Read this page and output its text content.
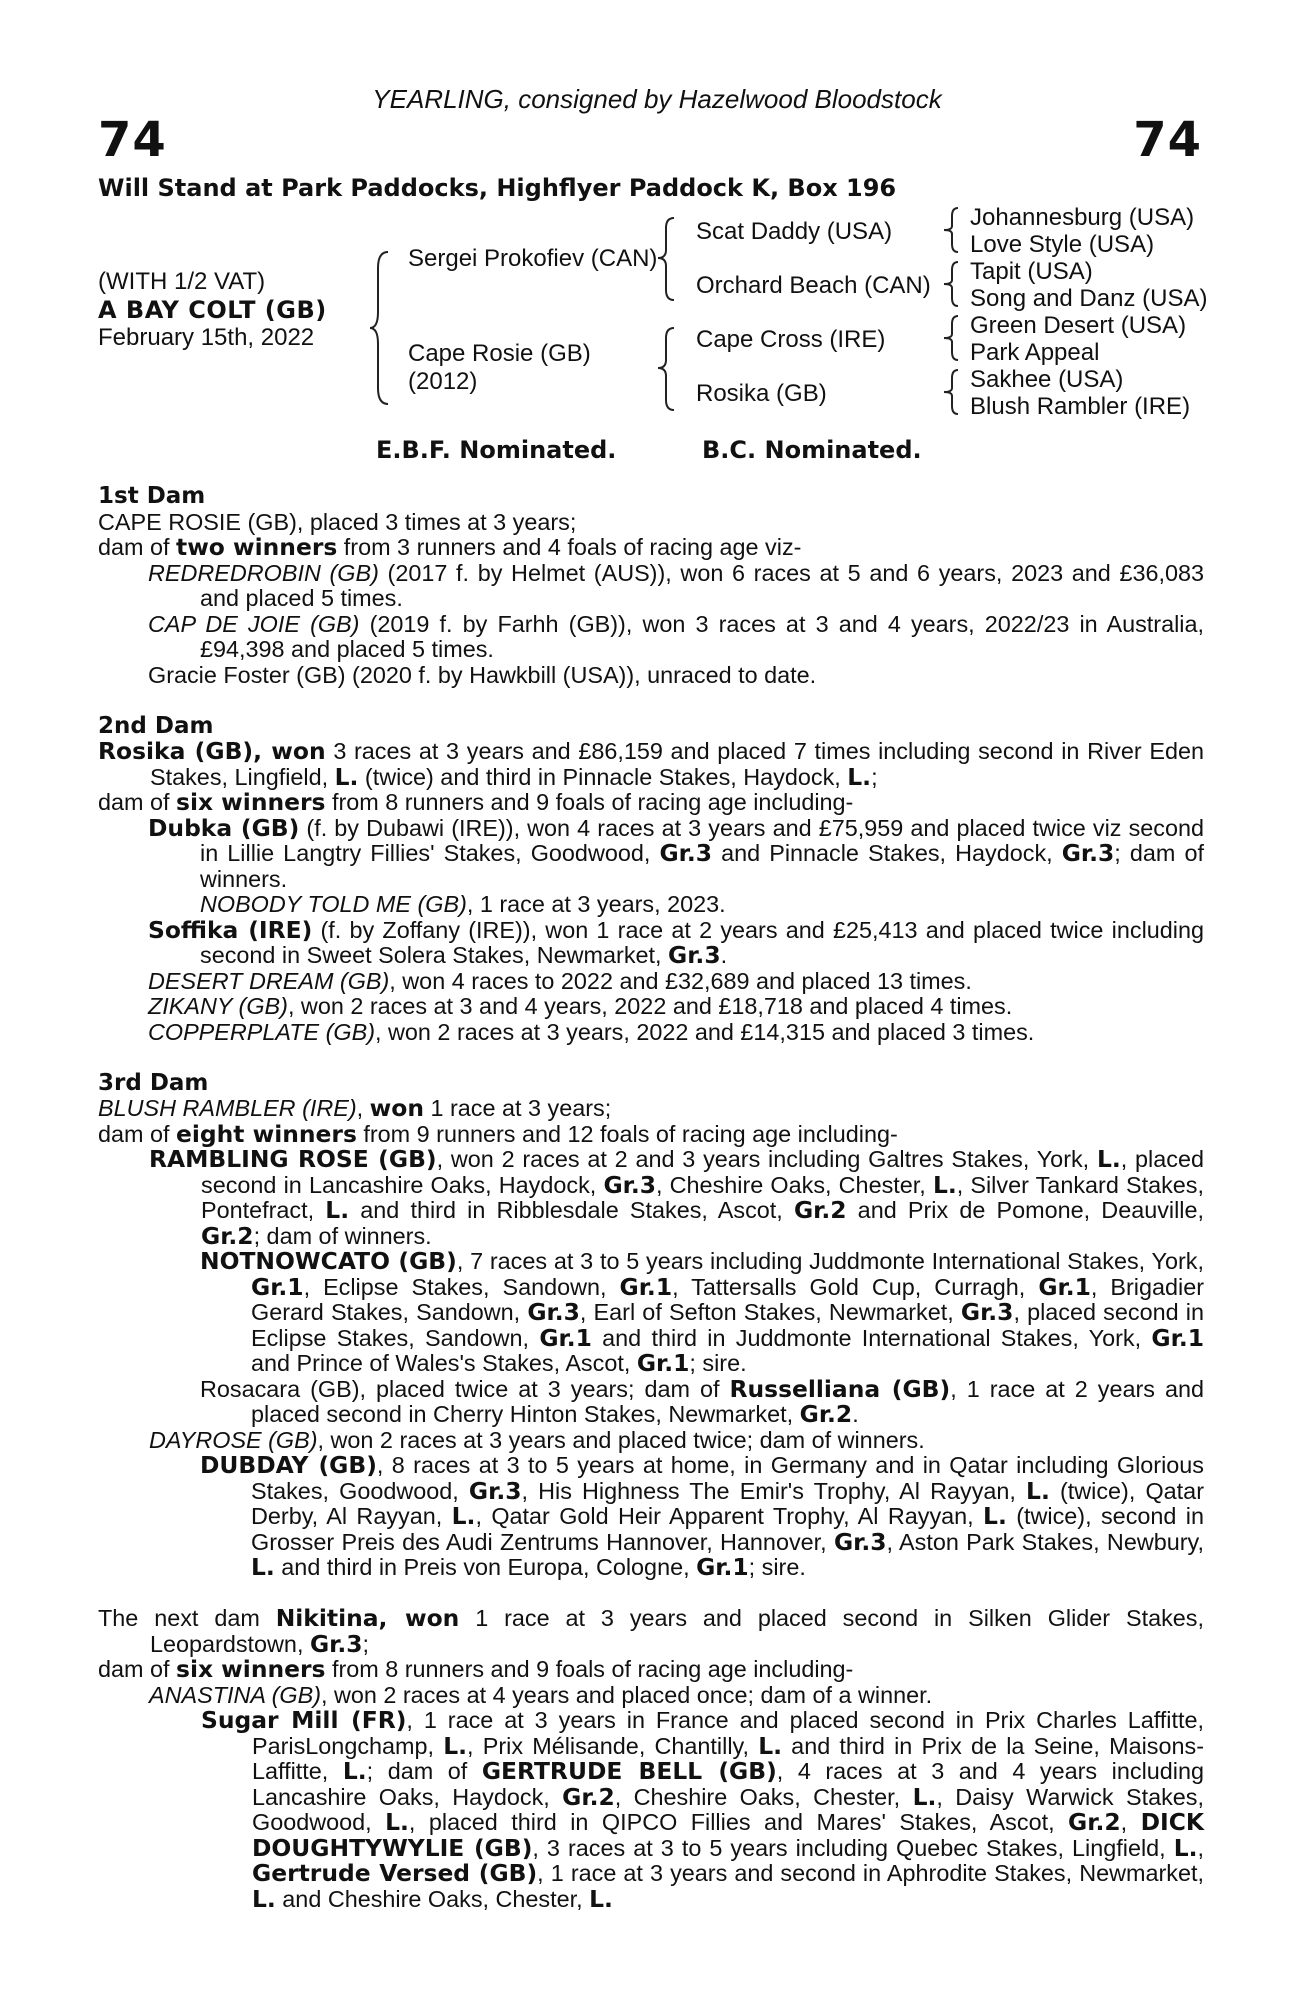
YEARLING, consigned by Hazelwood Bloodstock
74	74
Will Stand at Park Paddocks, Highflyer Paddock K, Box 196
(WITH 1/2 VAT)
A BAY COLT (GB)
February 15th, 2022
Sergei Prokofiev (CAN)
Cape Rosie (GB)
(2012)
Scat Daddy (USA)
Orchard Beach (CAN)
Cape Cross (IRE)
Rosika (GB)
Johannesburg (USA)
Love Style (USA)
Tapit (USA)
Song and Danz (USA)
Green Desert (USA)
Park Appeal
Sakhee (USA)
Blush Rambler (IRE)
E.B.F. Nominated.	B.C. Nominated.

1st Dam

CAPE ROSIE (GB), placed 3 times at 3 years;

dam of two winners from 3 runners and 4 foals of racing age viz-

REDREDROBIN (GB) (2017 f. by Helmet (AUS)), won 6 races at 5 and 6 years, 2023 and £36,083 and placed 5 times.

CAP DE JOIE (GB) (2019 f. by Farhh (GB)), won 3 races at 3 and 4 years, 2022/23 in Australia, £94,398 and placed 5 times.

Gracie Foster (GB) (2020 f. by Hawkbill (USA)), unraced to date.

2nd Dam

Rosika (GB), won 3 races at 3 years and £86,159 and placed 7 times including second in River Eden Stakes, Lingfield, L. (twice) and third in Pinnacle Stakes, Haydock, L.;

dam of six winners from 8 runners and 9 foals of racing age including-

Dubka (GB) (f. by Dubawi (IRE)), won 4 races at 3 years and £75,959 and placed twice viz second in Lillie Langtry Fillies' Stakes, Goodwood, Gr.3 and Pinnacle Stakes, Haydock, Gr.3; dam of winners.

NOBODY TOLD ME (GB), 1 race at 3 years, 2023.

Soffika (IRE) (f. by Zoffany (IRE)), won 1 race at 2 years and £25,413 and placed twice including second in Sweet Solera Stakes, Newmarket, Gr.3.

DESERT DREAM (GB), won 4 races to 2022 and £32,689 and placed 13 times.

ZIKANY (GB), won 2 races at 3 and 4 years, 2022 and £18,718 and placed 4 times.

COPPERPLATE (GB), won 2 races at 3 years, 2022 and £14,315 and placed 3 times.

3rd Dam

BLUSH RAMBLER (IRE), won 1 race at 3 years;

dam of eight winners from 9 runners and 12 foals of racing age including-

RAMBLING ROSE (GB), won 2 races at 2 and 3 years including Galtres Stakes, York, L., placed second in Lancashire Oaks, Haydock, Gr.3, Cheshire Oaks, Chester, L., Silver Tankard Stakes, Pontefract, L. and third in Ribblesdale Stakes, Ascot, Gr.2 and Prix de Pomone, Deauville, Gr.2; dam of winners.

NOTNOWCATO (GB), 7 races at 3 to 5 years including Juddmonte International Stakes, York, Gr.1, Eclipse Stakes, Sandown, Gr.1, Tattersalls Gold Cup, Curragh, Gr.1, Brigadier Gerard Stakes, Sandown, Gr.3, Earl of Sefton Stakes, Newmarket, Gr.3, placed second in Eclipse Stakes, Sandown, Gr.1 and third in Juddmonte International Stakes, York, Gr.1 and Prince of Wales's Stakes, Ascot, Gr.1; sire.

Rosacara (GB), placed twice at 3 years; dam of Russelliana (GB), 1 race at 2 years and placed second in Cherry Hinton Stakes, Newmarket, Gr.2.

DAYROSE (GB), won 2 races at 3 years and placed twice; dam of winners.

DUBDAY (GB), 8 races at 3 to 5 years at home, in Germany and in Qatar including Glorious Stakes, Goodwood, Gr.3, His Highness The Emir's Trophy, Al Rayyan, L. (twice), Qatar Derby, Al Rayyan, L., Qatar Gold Heir Apparent Trophy, Al Rayyan, L. (twice), second in Grosser Preis des Audi Zentrums Hannover, Hannover, Gr.3, Aston Park Stakes, Newbury, L. and third in Preis von Europa, Cologne, Gr.1; sire.

The next dam Nikitina, won 1 race at 3 years and placed second in Silken Glider Stakes, Leopardstown, Gr.3;

dam of six winners from 8 runners and 9 foals of racing age including-

ANASTINA (GB), won 2 races at 4 years and placed once; dam of a winner.

Sugar Mill (FR), 1 race at 3 years in France and placed second in Prix Charles Laffitte, ParisLongchamp, L., Prix Mélisande, Chantilly, L. and third in Prix de la Seine, Maisons-Laffitte, L.; dam of GERTRUDE BELL (GB), 4 races at 3 and 4 years including Lancashire Oaks, Haydock, Gr.2, Cheshire Oaks, Chester, L., Daisy Warwick Stakes, Goodwood, L., placed third in QIPCO Fillies and Mares' Stakes, Ascot, Gr.2, DICK DOUGHTYWYLIE (GB), 3 races at 3 to 5 years including Quebec Stakes, Lingfield, L., Gertrude Versed (GB), 1 race at 3 years and second in Aphrodite Stakes, Newmarket, L. and Cheshire Oaks, Chester, L.
